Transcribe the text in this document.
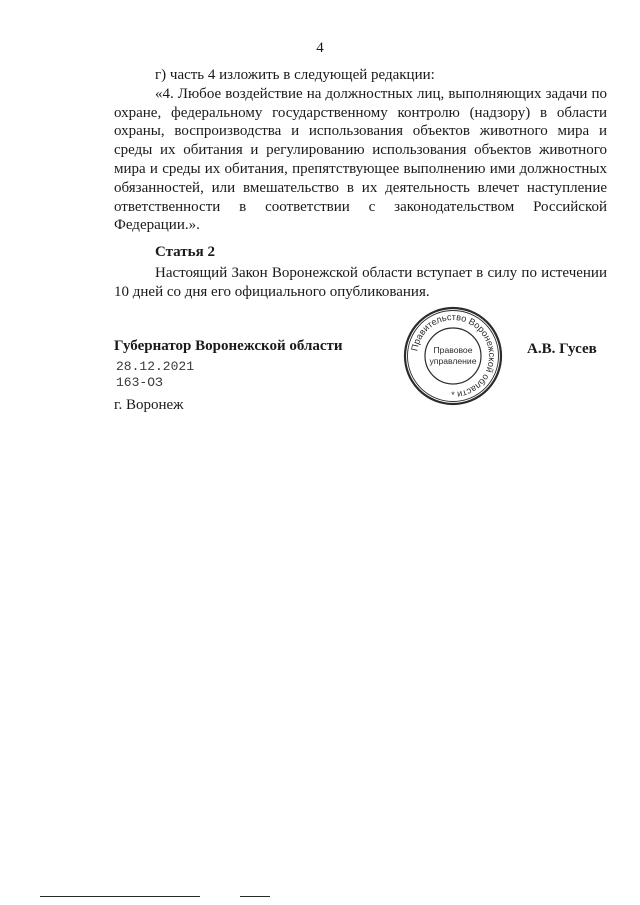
4

г) часть 4 изложить в следующей редакции:

«4. Любое воздействие на должностных лиц, выполняющих задачи по охране, федеральному государственному контролю (надзору) в области охраны, воспроизводства и использования объектов животного мира и среды их обитания и регулированию использования объектов животного мира и среды их обитания, препятствующее выполнению ими должностных обязанностей, или вмешательство в их деятельность влечет наступление ответственности в соответствии с законодательством Российской Федерации.».

Статья 2

Настоящий Закон Воронежской области вступает в силу по истечении 10 дней со дня его официального опубликования.

Губернатор Воронежской области	Правительство Воронежской области
Правовое
управление
*
А.В. Гусев
28.12.2021
163-ОЗ
г. Воронеж
